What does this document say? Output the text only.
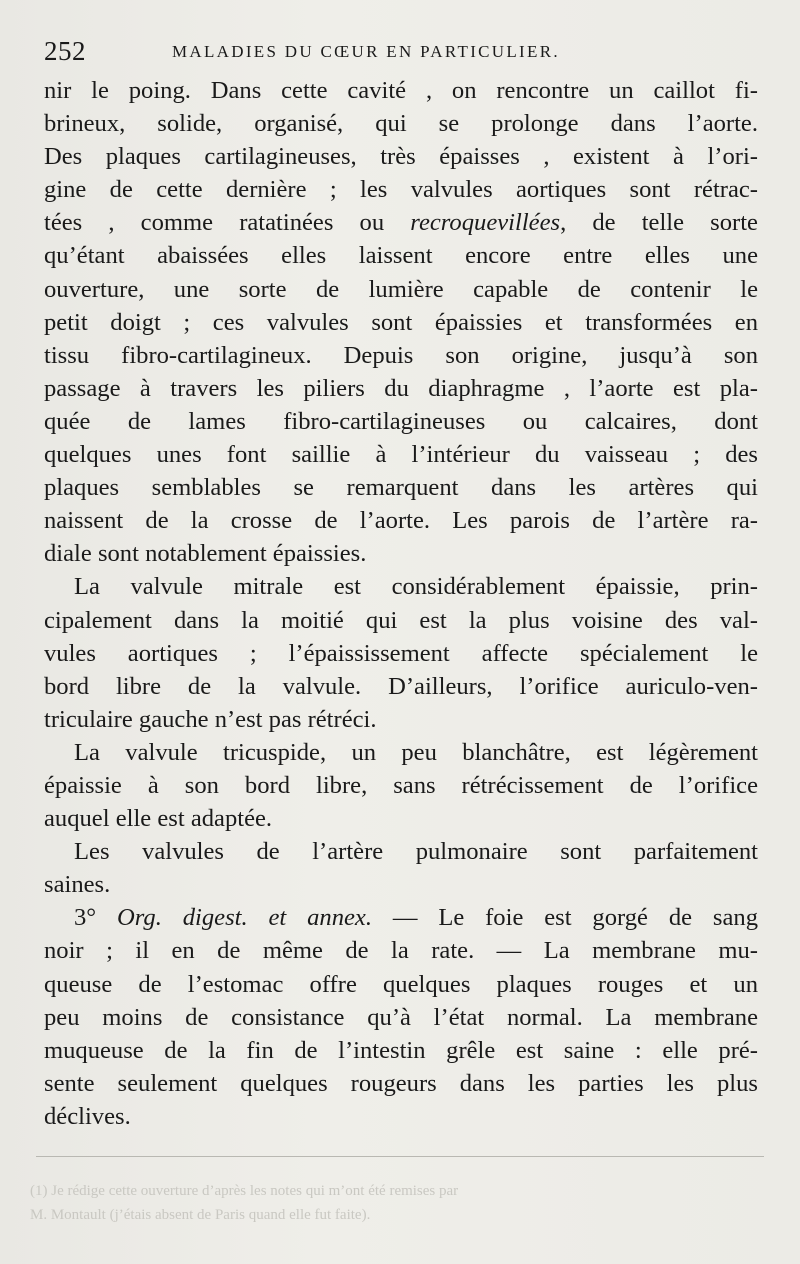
252	MALADIES DU CŒUR EN PARTICULIER.
nir le poing. Dans cette cavité , on rencontre un caillot fi-
brineux, solide, organisé, qui se prolonge dans l’aorte.
Des plaques cartilagineuses, très épaisses , existent à l’ori-
gine de cette dernière ; les valvules aortiques sont rétrac-
tées , comme ratatinées ou recroquevillées, de telle sorte
qu’étant abaissées elles laissent encore entre elles une
ouverture, une sorte de lumière capable de contenir le
petit doigt ; ces valvules sont épaissies et transformées en
tissu fibro-cartilagineux. Depuis son origine, jusqu’à son
passage à travers les piliers du diaphragme , l’aorte est pla-
quée de lames fibro-cartilagineuses ou calcaires, dont
quelques unes font saillie à l’intérieur du vaisseau ; des
plaques semblables se remarquent dans les artères qui
naissent de la crosse de l’aorte. Les parois de l’artère ra-
diale sont notablement épaissies.
La valvule mitrale est considérablement épaissie, prin-
cipalement dans la moitié qui est la plus voisine des val-
vules aortiques ; l’épaississement affecte spécialement le
bord libre de la valvule. D’ailleurs, l’orifice auriculo-ven-
triculaire gauche n’est pas rétréci.
La valvule tricuspide, un peu blanchâtre, est légèrement
épaissie à son bord libre, sans rétrécissement de l’orifice
auquel elle est adaptée.
Les valvules de l’artère pulmonaire sont parfaitement
saines.
3° Org. digest. et annex. — Le foie est gorgé de sang
noir ; il en de même de la rate. — La membrane mu-
queuse de l’estomac offre quelques plaques rouges et un
peu moins de consistance qu’à l’état normal. La membrane
muqueuse de la fin de l’intestin grêle est saine : elle pré-
sente seulement quelques rougeurs dans les parties les plus
déclives.
(1) Je rédige cette ouverture d’après les notes qui m’ont été remises par
M. Montault (j’étais absent de Paris quand elle fut faite).
